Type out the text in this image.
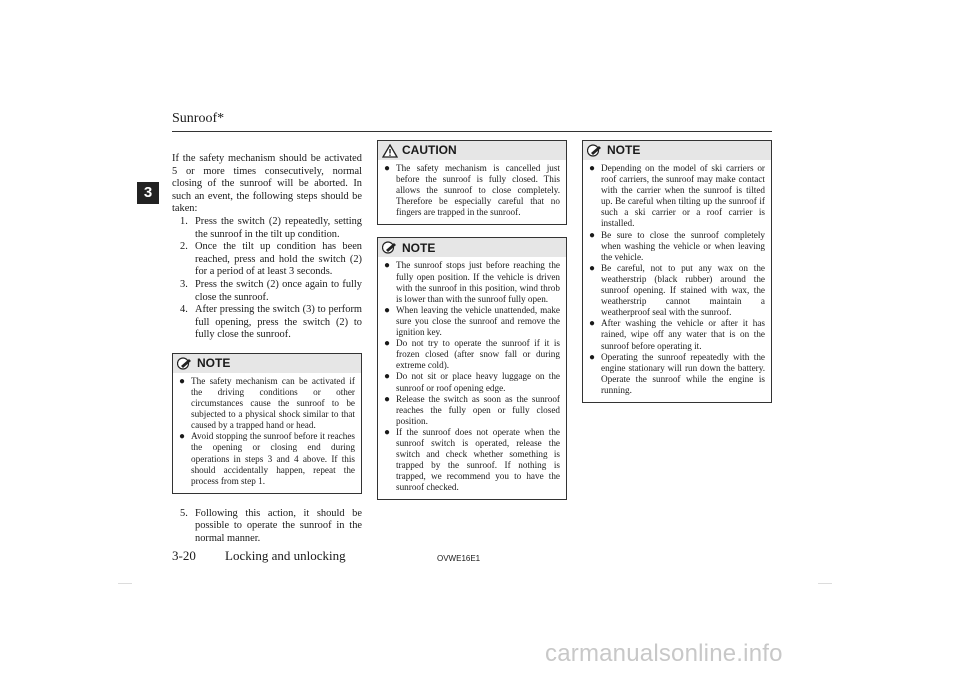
Sunroof*
3
If the safety mechanism should be activated 5 or more times consecutively, normal closing of the sunroof will be aborted. In such an event, the following steps should be taken:
1. Press the switch (2) repeatedly, setting the sunroof in the tilt up condition.
2. Once the tilt up condition has been reached, press and hold the switch (2) for a period of at least 3 seconds.
3. Press the switch (2) once again to fully close the sunroof.
4. After pressing the switch (3) to perform full opening, press the switch (2) to fully close the sunroof.
NOTE
● The safety mechanism can be activated if the driving conditions or other circumstances cause the sunroof to be subjected to a physical shock similar to that caused by a trapped hand or head.
● Avoid stopping the sunroof before it reaches the opening or closing end during operations in steps 3 and 4 above. If this should accidentally happen, repeat the process from step 1.
5. Following this action, it should be possible to operate the sunroof in the normal manner.
CAUTION
● The safety mechanism is cancelled just before the sunroof is fully closed. This allows the sunroof to close completely. Therefore be especially careful that no fingers are trapped in the sunroof.
NOTE
● The sunroof stops just before reaching the fully open position. If the vehicle is driven with the sunroof in this position, wind throb is lower than with the sunroof fully open.
● When leaving the vehicle unattended, make sure you close the sunroof and remove the ignition key.
● Do not try to operate the sunroof if it is frozen closed (after snow fall or during extreme cold).
● Do not sit or place heavy luggage on the sunroof or roof opening edge.
● Release the switch as soon as the sunroof reaches the fully open or fully closed position.
● If the sunroof does not operate when the sunroof switch is operated, release the switch and check whether something is trapped by the sunroof. If nothing is trapped, we recommend you to have the sunroof checked.
NOTE
● Depending on the model of ski carriers or roof carriers, the sunroof may make contact with the carrier when the sunroof is tilted up. Be careful when tilting up the sunroof if such a ski carrier or a roof carrier is installed.
● Be sure to close the sunroof completely when washing the vehicle or when leaving the vehicle.
● Be careful, not to put any wax on the weatherstrip (black rubber) around the sunroof opening. If stained with wax, the weatherstrip cannot maintain a weatherproof seal with the sunroof.
● After washing the vehicle or after it has rained, wipe off any water that is on the sunroof before operating it.
● Operating the sunroof repeatedly with the engine stationary will run down the battery. Operate the sunroof while the engine is running.
3-20 Locking and unlocking	OVWE16E1
carmanualsonline.info
